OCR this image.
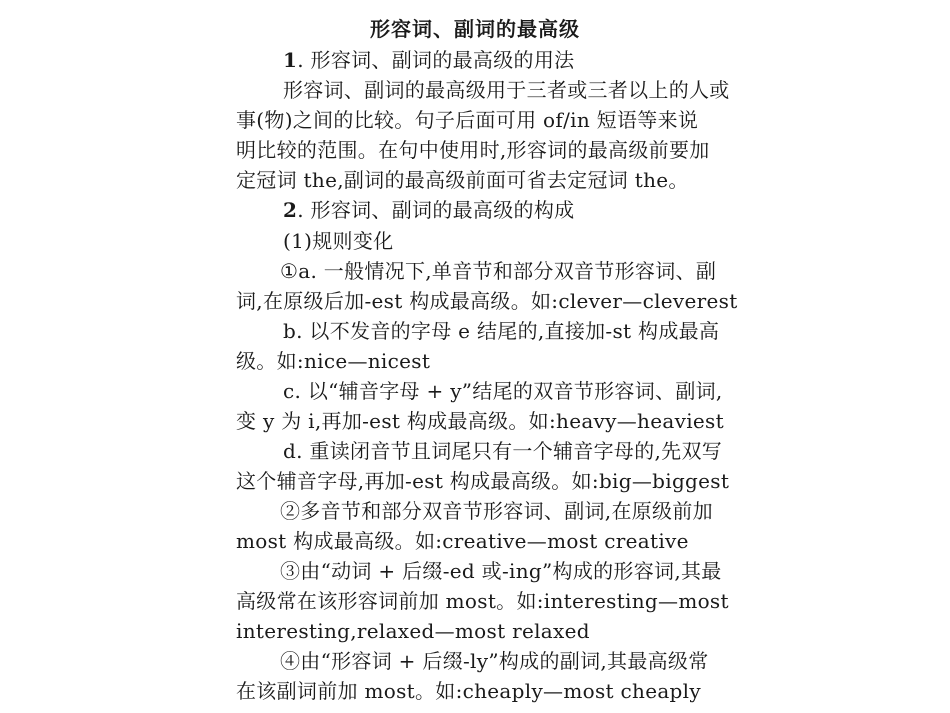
形容词、副词的最高级
1. 形容词、副词的最高级的用法
形容词、副词的最高级用于三者或三者以上的人或
事(物)之间的比较。句子后面可用 of/in 短语等来说
明比较的范围。在句中使用时,形容词的最高级前要加
定冠词 the,副词的最高级前面可省去定冠词 the。
2. 形容词、副词的最高级的构成
(1)规则变化
①a. 一般情况下,单音节和部分双音节形容词、副
词,在原级后加-est 构成最高级。如:clever—cleverest
b. 以不发音的字母 e 结尾的,直接加-st 构成最高
级。如:nice—nicest
c. 以“辅音字母 + y”结尾的双音节形容词、副词,
变 y 为 i,再加-est 构成最高级。如:heavy—heaviest
d. 重读闭音节且词尾只有一个辅音字母的,先双写
这个辅音字母,再加-est 构成最高级。如:big—biggest
②多音节和部分双音节形容词、副词,在原级前加
most 构成最高级。如:creative—most creative
③由“动词 + 后缀-ed 或-ing”构成的形容词,其最
高级常在该形容词前加 most。如:interesting—most
interesting,relaxed—most relaxed
④由“形容词 + 后缀-ly”构成的副词,其最高级常
在该副词前加 most。如:cheaply—most cheaply
